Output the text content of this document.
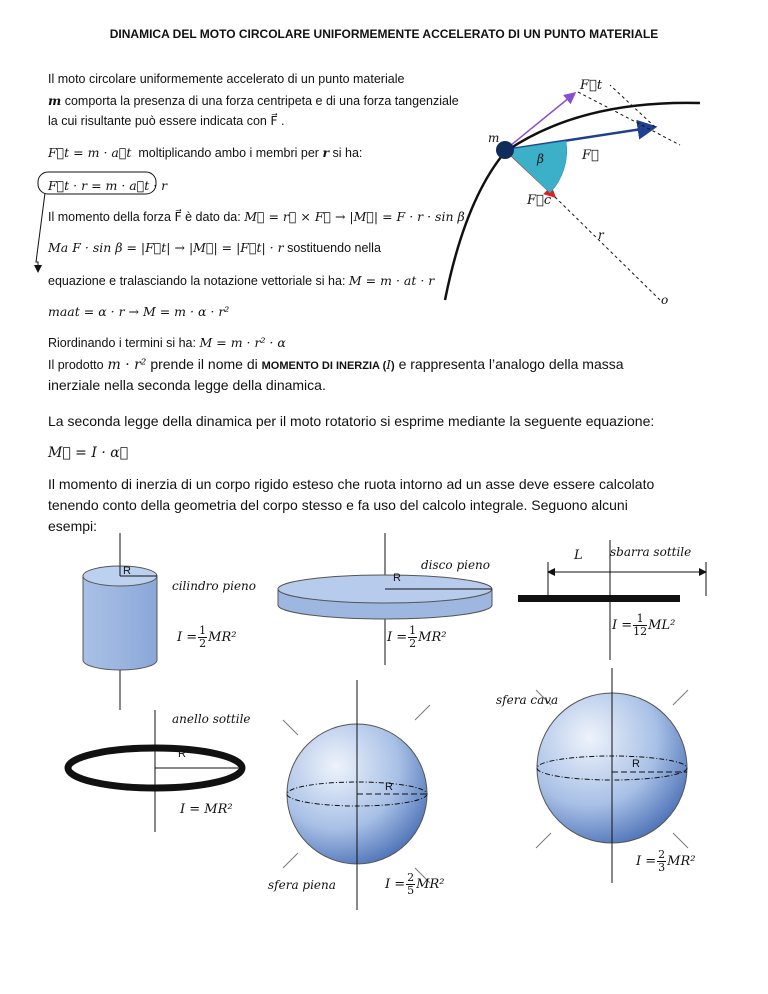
DINAMICA DEL MOTO CIRCOLARE UNIFORMEMENTE ACCELERATO DI UN PUNTO MATERIALE
Il moto circolare uniformemente accelerato di un punto materiale
m comporta la presenza di una forza centripeta e di una forza tangenziale
la cui risultante può essere indicata con F⃗ .
F⃗t = m · a⃗t moltiplicando ambo i membri per r si ha:
F⃗t · r = m · a⃗t · r
Il momento della forza F⃗ è dato da: M⃗ = r⃗ × F⃗ → |M⃗| = F · r · sin β
Ma F · sin β = |F⃗t| → |M⃗| = |F⃗t| · r sostituendo nella
equazione e tralasciando la notazione vettoriale si ha: M = m · at · r
maat = α · r → M = m · α · r²
Riordinando i termini si ha: M = m · r² · α
Il prodotto m · r² prende il nome di MOMENTO DI INERZIA (I) e rappresenta l’analogo della massa
inerziale nella seconda legge della dinamica.
La seconda legge della dinamica per il moto rotatorio si esprime mediante la seguente equazione:
M⃗ = I · α⃗
Il momento di inerzia di un corpo rigido esteso che ruota intorno ad un asse deve essere calcolato
tenendo conto della geometria del corpo stesso e fa uso del calcolo integrale. Seguono alcuni
esempi:
F⃗t
F⃗
F⃗c
m
β
r
o
R
cilindro pieno
$I = \frac{1}{2} MR^2$
R
disco pieno
$I = \frac{1}{2} MR^2$
L sbarra sottile
$I = \frac{1}{12} ML^2$
anello sottile
R
I = MR²
R
sfera piena	$I = \frac{2}{5} MR^2$
sfera cava
R
$I = \frac{2}{3} MR^2$
